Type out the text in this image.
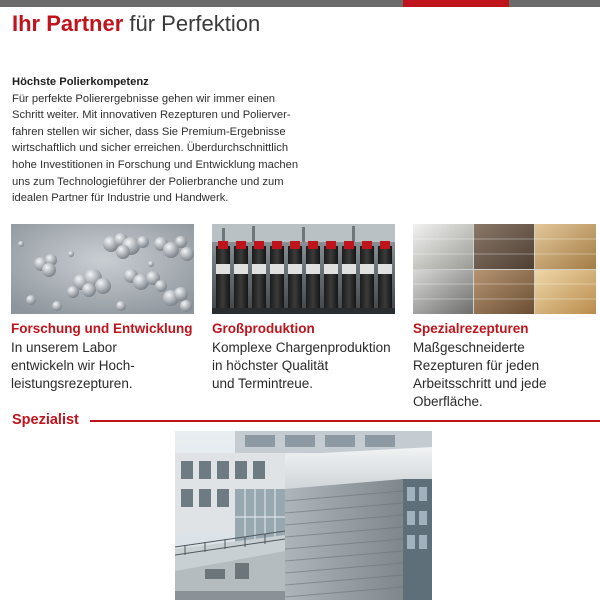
Ihr Partner für Perfektion
Höchste Polierkompetenz
Für perfekte Polierergebnisse gehen wir immer einen
Schritt weiter. Mit innovativen Rezepturen und Polierver-
fahren stellen wir sicher, dass Sie Premium-Ergebnisse
wirtschaftlich und sicher erreichen. Überdurchschnittlich
hohe Investitionen in Forschung und Entwicklung machen
uns zum Technologieführer der Polierbranche und zum
idealen Partner für Industrie und Handwerk.
Forschung und Entwicklung
In unserem Labor
entwickeln wir Hoch-
leistungsrezepturen.
Großproduktion
Komplexe Chargenproduktion
in höchster Qualität
und Termintreue.
Spezialrezepturen
Maßgeschneiderte
Rezepturen für jeden
Arbeitsschritt und jede
Oberfläche.
Spezialist
